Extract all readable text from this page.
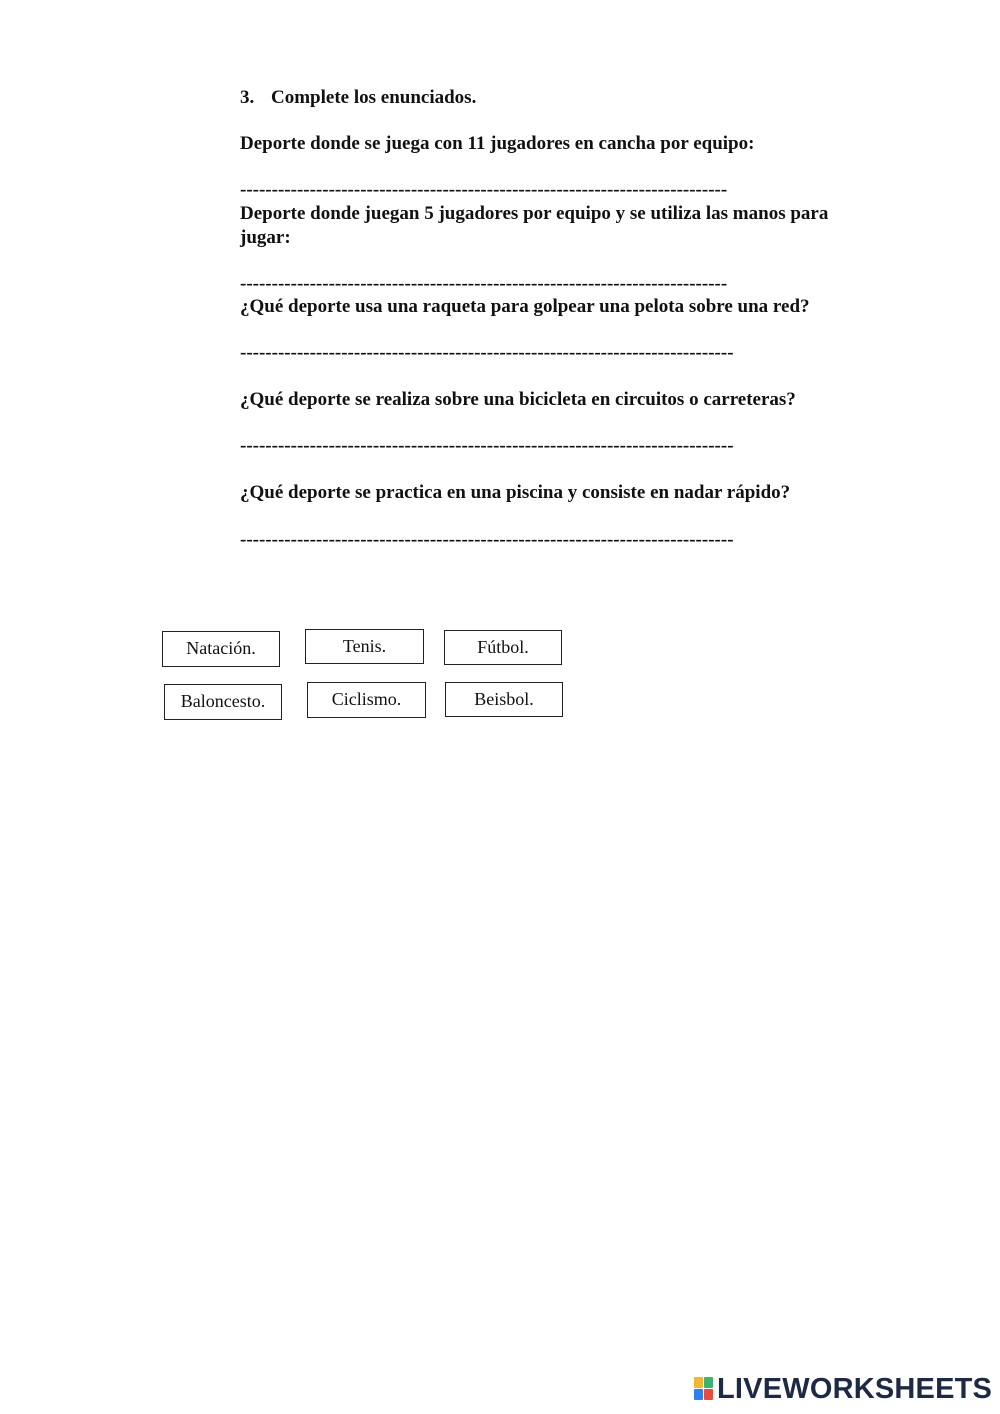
3. Complete los enunciados.
Deporte donde se juega con 11 jugadores en cancha por equipo:
-----------------------------------------------------------------------------
Deporte donde juegan 5 jugadores por equipo y se utiliza las manos para jugar:
-----------------------------------------------------------------------------
¿Qué deporte usa una raqueta para golpear una pelota sobre una red?
------------------------------------------------------------------------------
¿Qué deporte se realiza sobre una bicicleta en circuitos o carreteras?
------------------------------------------------------------------------------
¿Qué deporte se practica en una piscina y consiste en nadar rápido?
------------------------------------------------------------------------------
Natación.	Tenis.	Fútbol.
Baloncesto.	Ciclismo.	Beisbol.
LIVEWORKSHEETS
